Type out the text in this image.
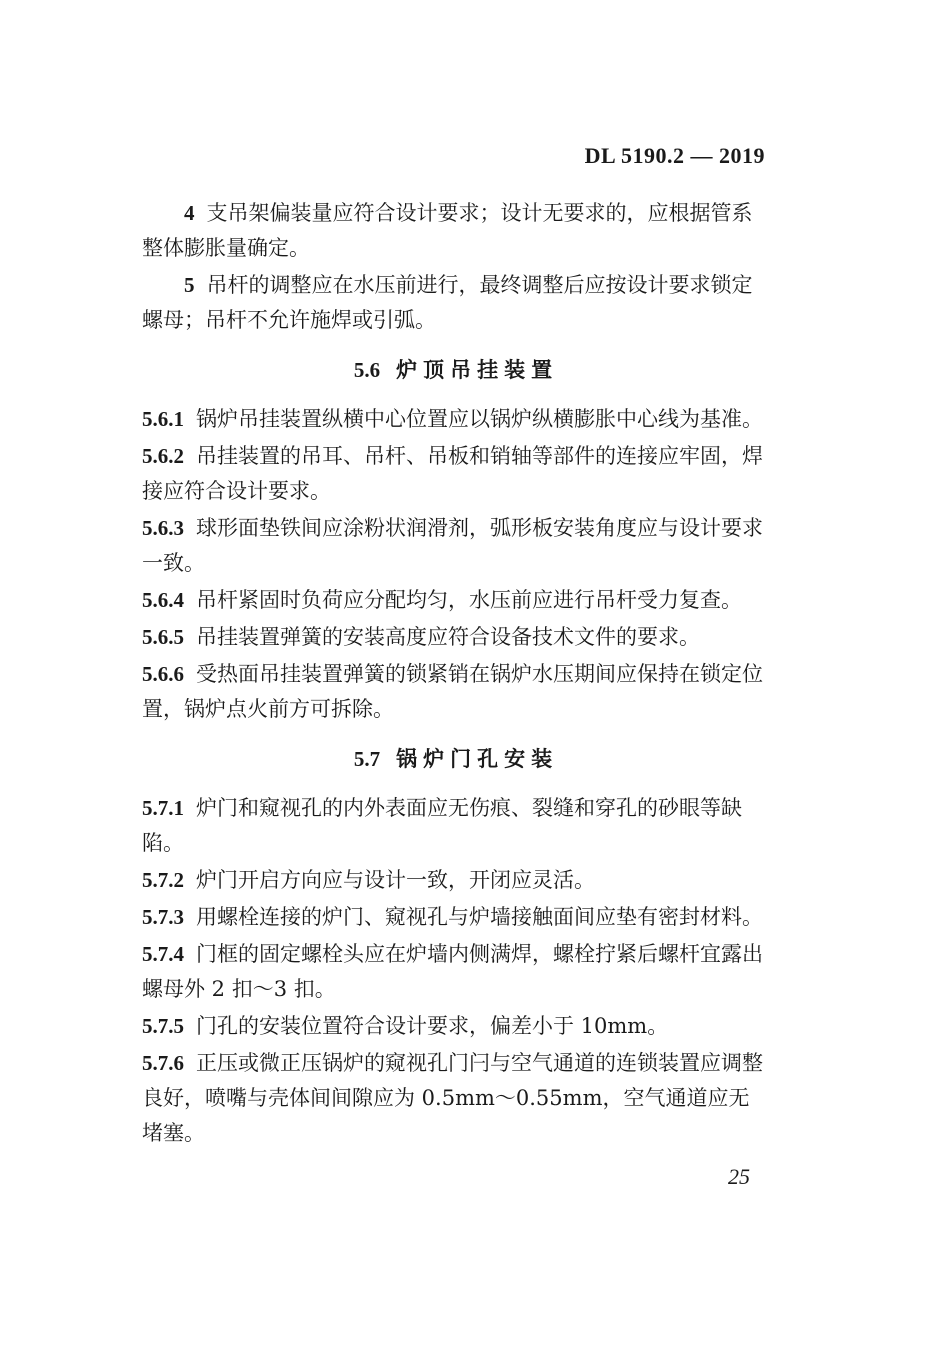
DL 5190.2 — 2019

4 支吊架偏装量应符合设计要求；设计无要求的，应根据管系整体膨胀量确定。

5 吊杆的调整应在水压前进行，最终调整后应按设计要求锁定螺母；吊杆不允许施焊或引弧。

5.6 炉顶吊挂装置

5.6.1 锅炉吊挂装置纵横中心位置应以锅炉纵横膨胀中心线为基准。

5.6.2 吊挂装置的吊耳、吊杆、吊板和销轴等部件的连接应牢固，焊接应符合设计要求。

5.6.3 球形面垫铁间应涂粉状润滑剂，弧形板安装角度应与设计要求一致。

5.6.4 吊杆紧固时负荷应分配均匀，水压前应进行吊杆受力复查。

5.6.5 吊挂装置弹簧的安装高度应符合设备技术文件的要求。

5.6.6 受热面吊挂装置弹簧的锁紧销在锅炉水压期间应保持在锁定位置，锅炉点火前方可拆除。

5.7 锅炉门孔安装

5.7.1 炉门和窥视孔的内外表面应无伤痕、裂缝和穿孔的砂眼等缺陷。

5.7.2 炉门开启方向应与设计一致，开闭应灵活。

5.7.3 用螺栓连接的炉门、窥视孔与炉墙接触面间应垫有密封材料。

5.7.4 门框的固定螺栓头应在炉墙内侧满焊，螺栓拧紧后螺杆宜露出螺母外 2 扣～3 扣。

5.7.5 门孔的安装位置符合设计要求，偏差小于 10mm。

5.7.6 正压或微正压锅炉的窥视孔门闩与空气通道的连锁装置应调整良好，喷嘴与壳体间间隙应为 0.5mm～0.55mm，空气通道应无堵塞。

25
